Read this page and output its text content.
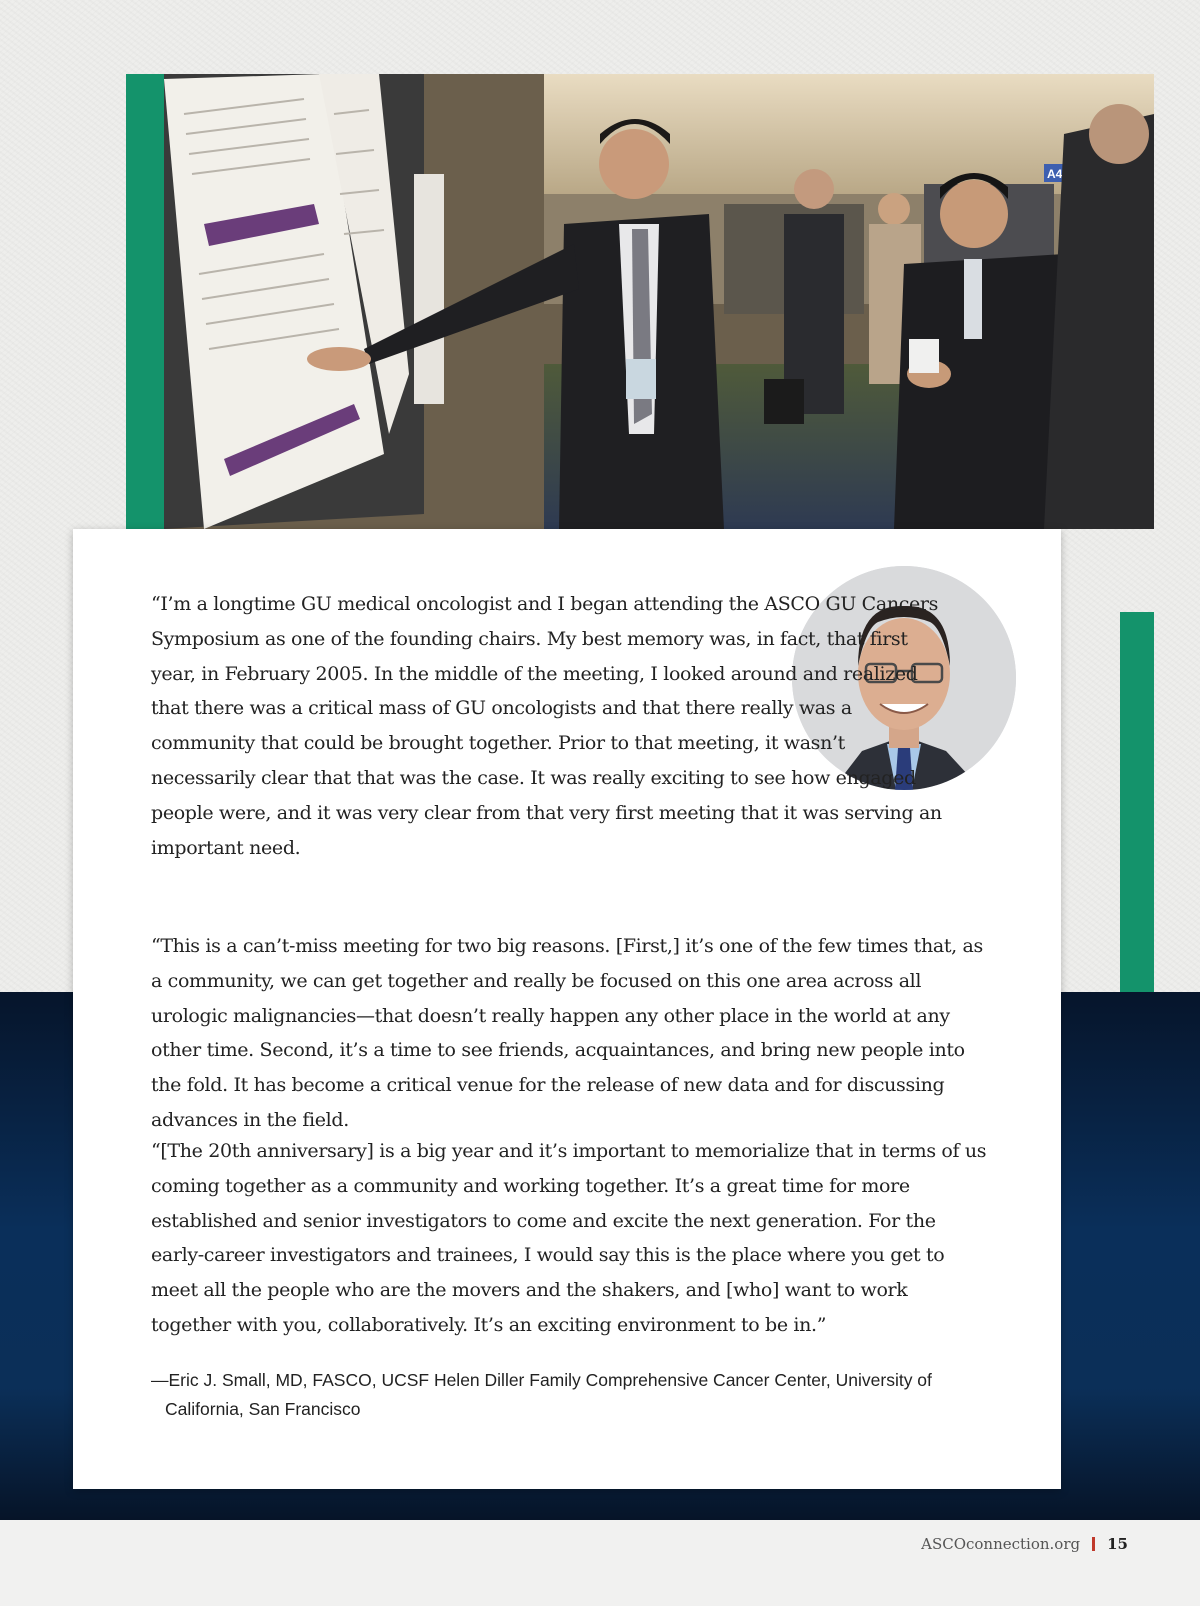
A4

“I’m a longtime GU medical oncologist and I began attending the ASCO GU Cancers Symposium as one of the founding chairs. My best memory was, in fact, that first year, in February 2005. In the middle of the meeting, I looked around and realized that there was a critical mass of GU oncologists and that there really was a community that could be brought together. Prior to that meeting, it wasn’t necessarily clear that that was the case. It was really exciting to see how engaged people were, and it was very clear from that very first meeting that it was serving an important need.

“This is a can’t-miss meeting for two big reasons. [First,] it’s one of the few times that, as a community, we can get together and really be focused on this one area across all urologic malignancies—that doesn’t really happen any other place in the world at any other time. Second, it’s a time to see friends, acquaintances, and bring new people into the fold. It has become a critical venue for the release of new data and for discussing advances in the field.

“[The 20th anniversary] is a big year and it’s important to memorialize that in terms of us coming together as a community and working together. It’s a great time for more established and senior investigators to come and excite the next generation. For the early-career investigators and trainees, I would say this is the place where you get to meet all the people who are the movers and the shakers, and [who] want to work together with you, collaboratively. It’s an exciting environment to be in.”

—Eric J. Small, MD, FASCO, UCSF Helen Diller Family Comprehensive Cancer Center, University of California, San Francisco

ASCOconnection.org 15
